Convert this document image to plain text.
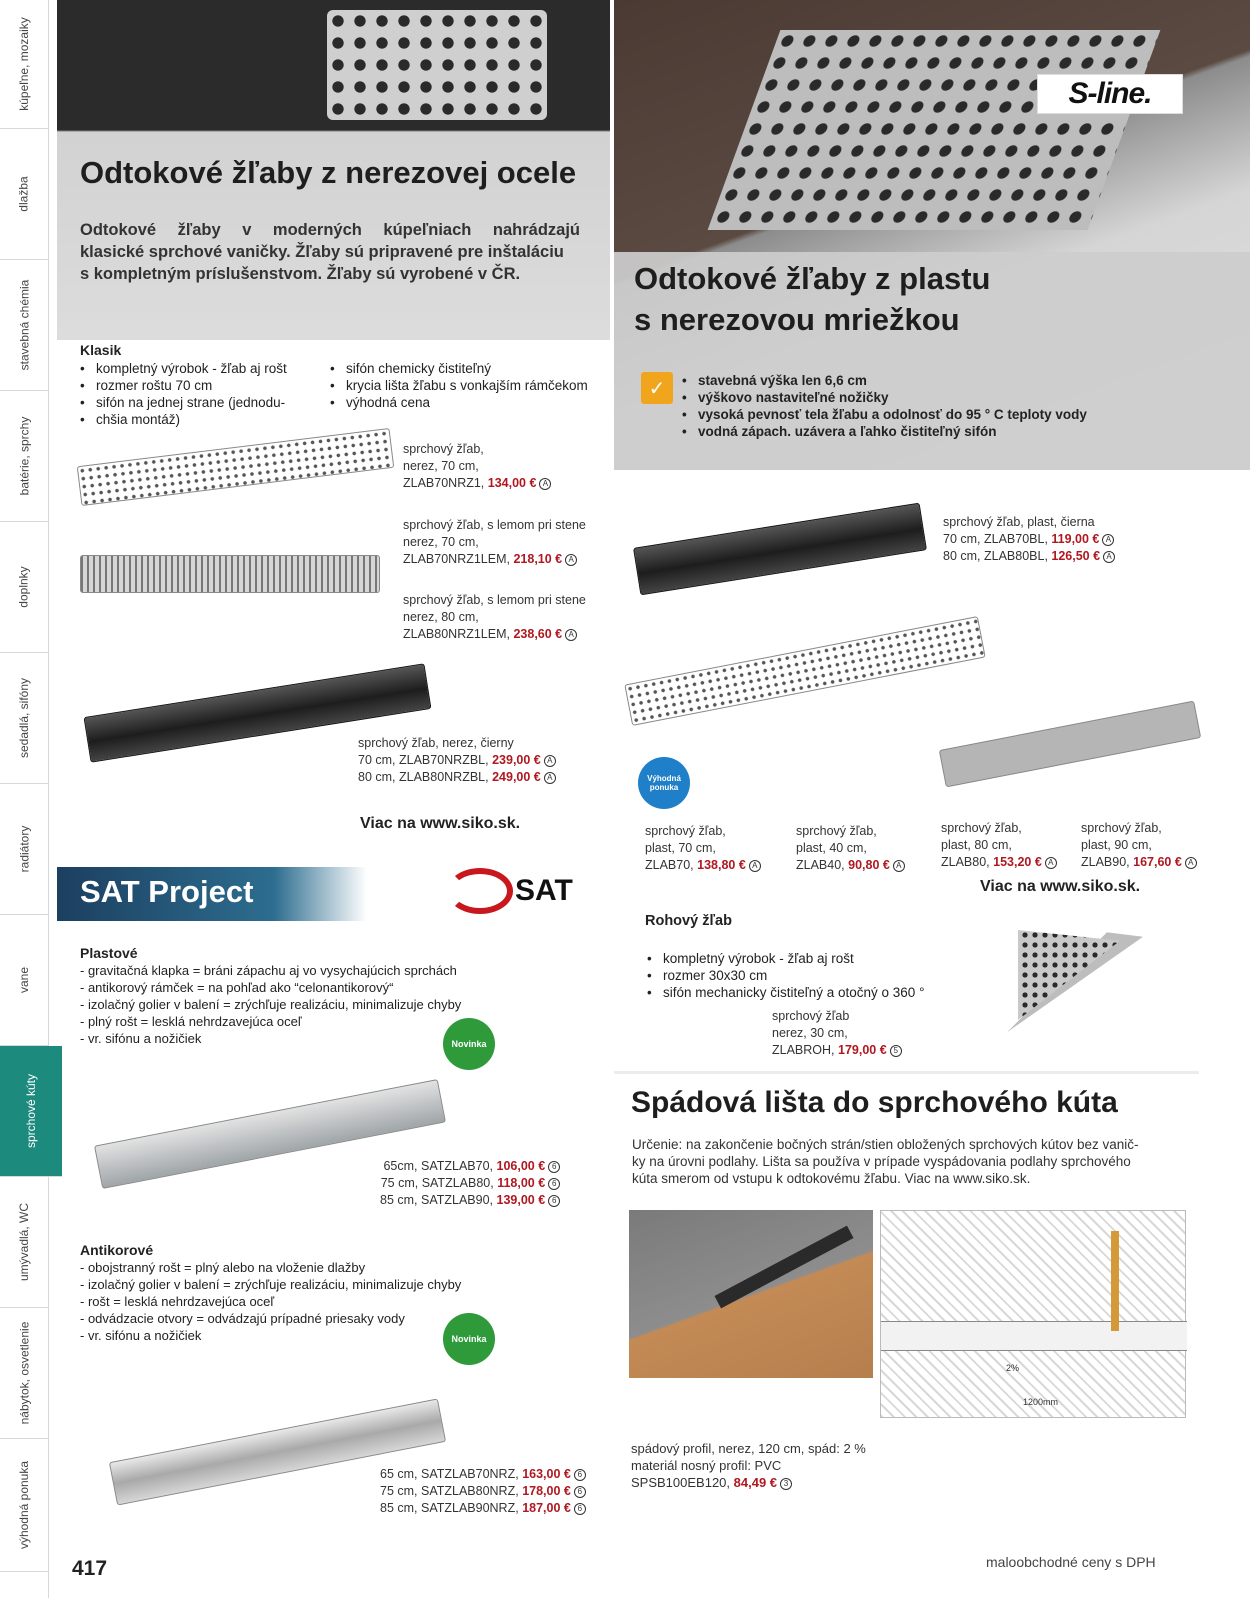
kúpeľne, mozaiky
dlažba
stavebná chémia
batérie, sprchy
doplnky
sedadlá, sifóny
radiátory
vane
sprchové kúty
umývadlá, WC
nábytok, osvetlenie
výhodná ponuka
Odtokové žľaby z nerezovej ocele
Odtokové žľaby v moderných kúpeľniach nahrádzajú
klasické sprchové vaničky. Žľaby sú pripravené pre inštaláciu
s kompletným príslušenstvom. Žľaby sú vyrobené v ČR.
Klasik
• kompletný výrobok - žľab aj rošt
• rozmer roštu 70 cm
• sifón na jednej strane (jednodu-
• chšia montáž)
• sifón chemicky čistiteľný
• krycia lišta žľabu s vonkajším rámčekom
• výhodná cena
sprchový žľab,
nerez, 70 cm,
ZLAB70NRZ1, 134,00 € A
sprchový žľab, s lemom pri stene
nerez, 70 cm,
ZLAB70NRZ1LEM, 218,10 € A
sprchový žľab, s lemom pri stene
nerez, 80 cm,
ZLAB80NRZ1LEM, 238,60 € A
sprchový žľab, nerez, čierny
70 cm, ZLAB70NRZBL, 239,00 € A
80 cm, ZLAB80NRZBL, 249,00 € A
Viac na www.siko.sk.
S-line.
Odtokové žľaby z plastu
s nerezovou mriežkou
✓
•	stavebná výška len 6,6 cm
• výškovo nastaviteľné nožičky
• vysoká pevnosť tela žľabu a odolnosť do 95 ° C teploty vody
• vodná zápach. uzávera a ľahko čistiteľný sifón
sprchový žľab, plast, čierna
70 cm, ZLAB70BL, 119,00 € A
80 cm, ZLAB80BL, 126,50 € A
Výhodná ponuka
sprchový žľab,
plast, 70 cm,
ZLAB70, 138,80 € A
sprchový žľab,
plast, 40 cm,
ZLAB40, 90,80 € A
sprchový žľab,
plast, 80 cm,
ZLAB80, 153,20 € A
sprchový žľab,
plast, 90 cm,
ZLAB90, 167,60 € A
Viac na www.siko.sk.
Rohový žľab
• kompletný výrobok - žľab aj rošt
• rozmer 30x30 cm
• sifón mechanicky čistiteľný a otočný o 360 °
sprchový žľab
nerez, 30 cm,
ZLABROH, 179,00 € 5
SAT Project	SAT
Plastové
- gravitačná klapka = bráni zápachu aj vo vysychajúcich sprchách
- antikorový rámček = na pohľad ako “celonantikorový“
- izolačný golier v balení = zrýchľuje realizáciu, minimalizuje chyby
- plný rošt = lesklá nehrdzavejúca oceľ
- vr. sifónu a nožičiek	Novinka
65cm, SATZLAB70, 106,00 € 6
75 cm, SATZLAB80, 118,00 € 6
85 cm, SATZLAB90, 139,00 € 6
Antikorové
- obojstranný rošt = plný alebo na vloženie dlažby
- izolačný golier v balení = zrýchľuje realizáciu, minimalizuje chyby
- rošt = lesklá nehrdzavejúca oceľ
- odvádzacie otvory = odvádzajú prípadné priesaky vody
- vr. sifónu a nožičiek	Novinka
65 cm, SATZLAB70NRZ, 163,00 € 6
75 cm, SATZLAB80NRZ, 178,00 € 6
85 cm, SATZLAB90NRZ, 187,00 € 6
Spádová lišta do sprchového kúta
Určenie: na zakončenie bočných strán/stien obložených sprchových kútov bez vanič-
ky na úrovni podlahy. Lišta sa používa v prípade vyspádovania podlahy sprchového
kúta smerom od vstupu k odtokovému žľabu. Viac na www.siko.sk.
2%
1200mm
spádový profil, nerez, 120 cm, spád: 2 %
materiál nosný profil: PVC
SPSB100EB120, 84,49 € 3
417	maloobchodné ceny s DPH
